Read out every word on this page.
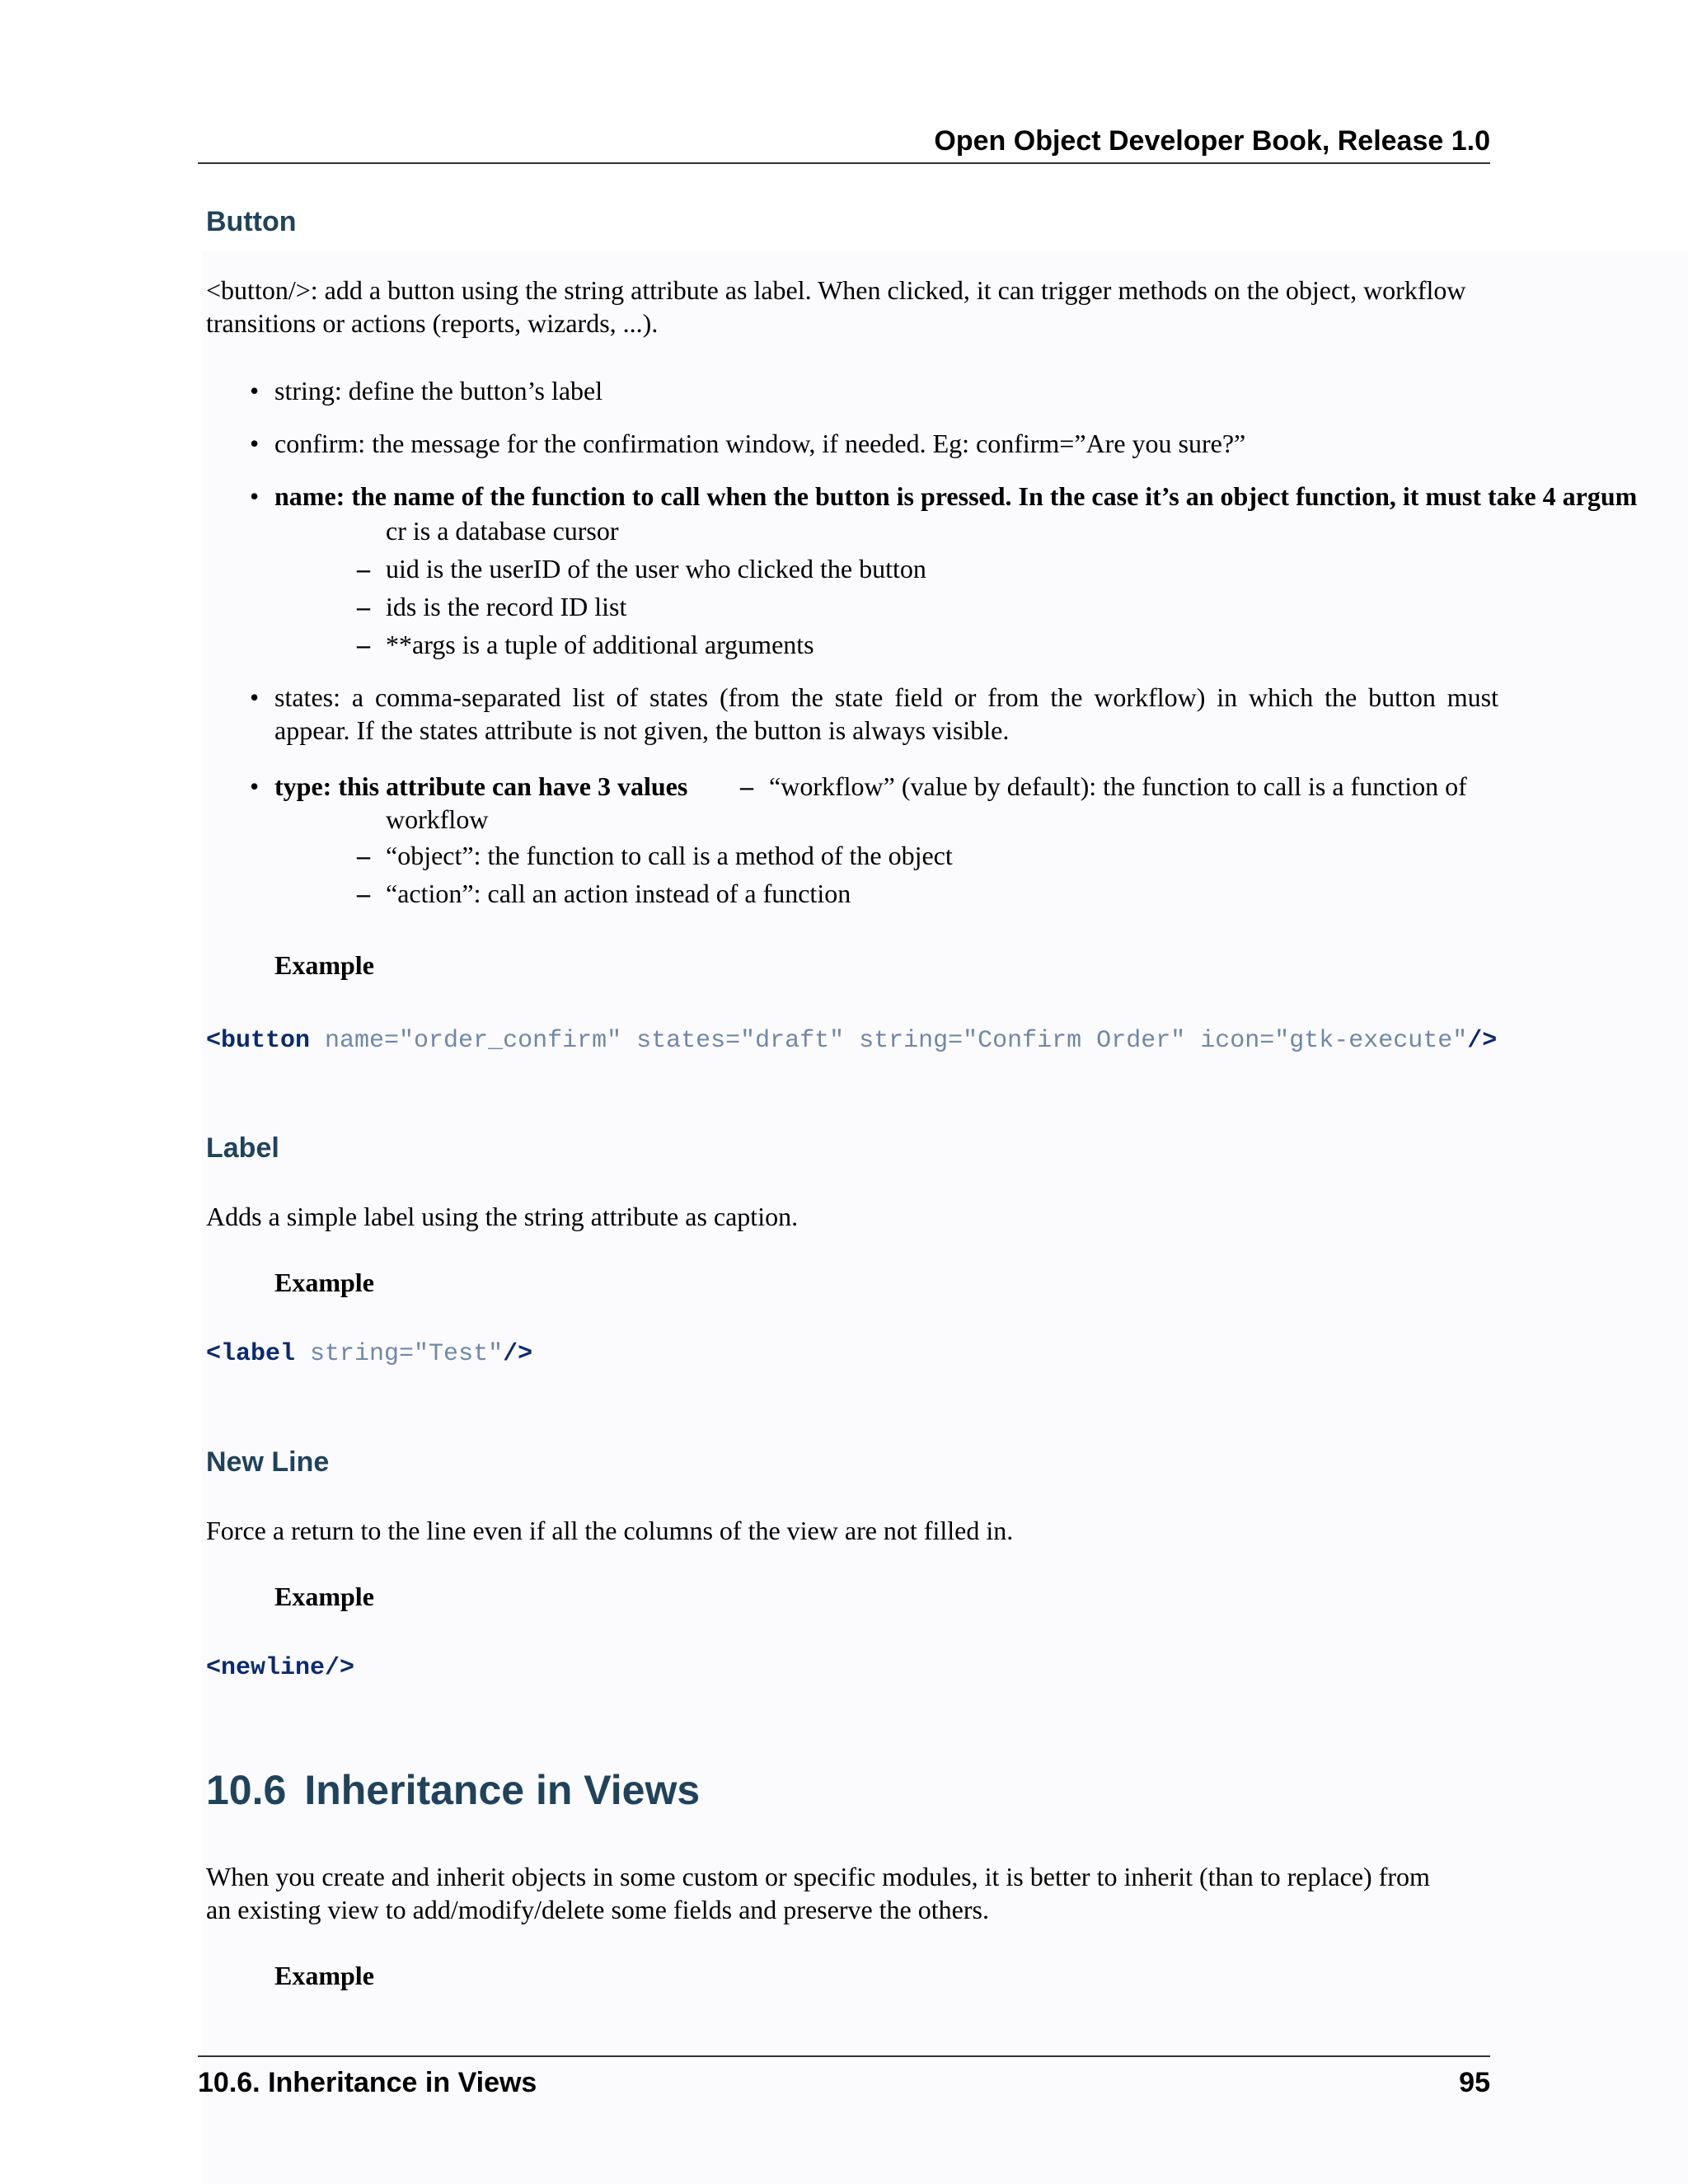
Open Object Developer Book, Release 1.0
Button
<button/>: add a button using the string attribute as label. When clicked, it can trigger methods on the object, workflow
transitions or actions (reports, wizards, ...).
• string: define the button’s label
• confirm: the message for the confirmation window, if needed. Eg: confirm=”Are you sure?”
• name: the name of the function to call when the button is pressed. In the case it’s an object function, it must take 4 argum
cr is a database cursor
– uid is the userID of the user who clicked the button
– ids is the record ID list
– **args is a tuple of additional arguments
• states: a comma-separated list of states (from the state field or from the workflow) in which the button must
appear. If the states attribute is not given, the button is always visible.
• type: this attribute can have 3 values – “workflow” (value by default): the function to call is a function of
workflow
– “object”: the function to call is a method of the object
– “action”: call an action instead of a function
Example
<button name="order_confirm" states="draft" string="Confirm Order" icon="gtk-execute"/>
Label
Adds a simple label using the string attribute as caption.
Example
<label string="Test"/>
New Line
Force a return to the line even if all the columns of the view are not filled in.
Example
<newline/>
10.6 Inheritance in Views
When you create and inherit objects in some custom or specific modules, it is better to inherit (than to replace) from
an existing view to add/modify/delete some fields and preserve the others.
Example
10.6. Inheritance in Views	95
